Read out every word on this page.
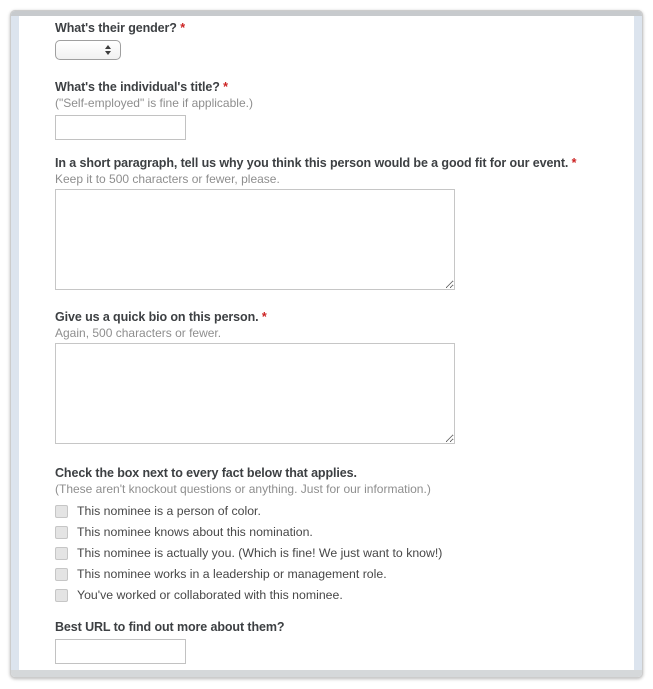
What's their gender? *
What's the individual's title? *
("Self-employed" is fine if applicable.)
In a short paragraph, tell us why you think this person would be a good fit for our event. *
Keep it to 500 characters or fewer, please.
Give us a quick bio on this person. *
Again, 500 characters or fewer.
Check the box next to every fact below that applies.
(These aren't knockout questions or anything. Just for our information.)
This nominee is a person of color.
This nominee knows about this nomination.
This nominee is actually you. (Which is fine! We just want to know!)
This nominee works in a leadership or management role.
You've worked or collaborated with this nominee.
Best URL to find out more about them?
